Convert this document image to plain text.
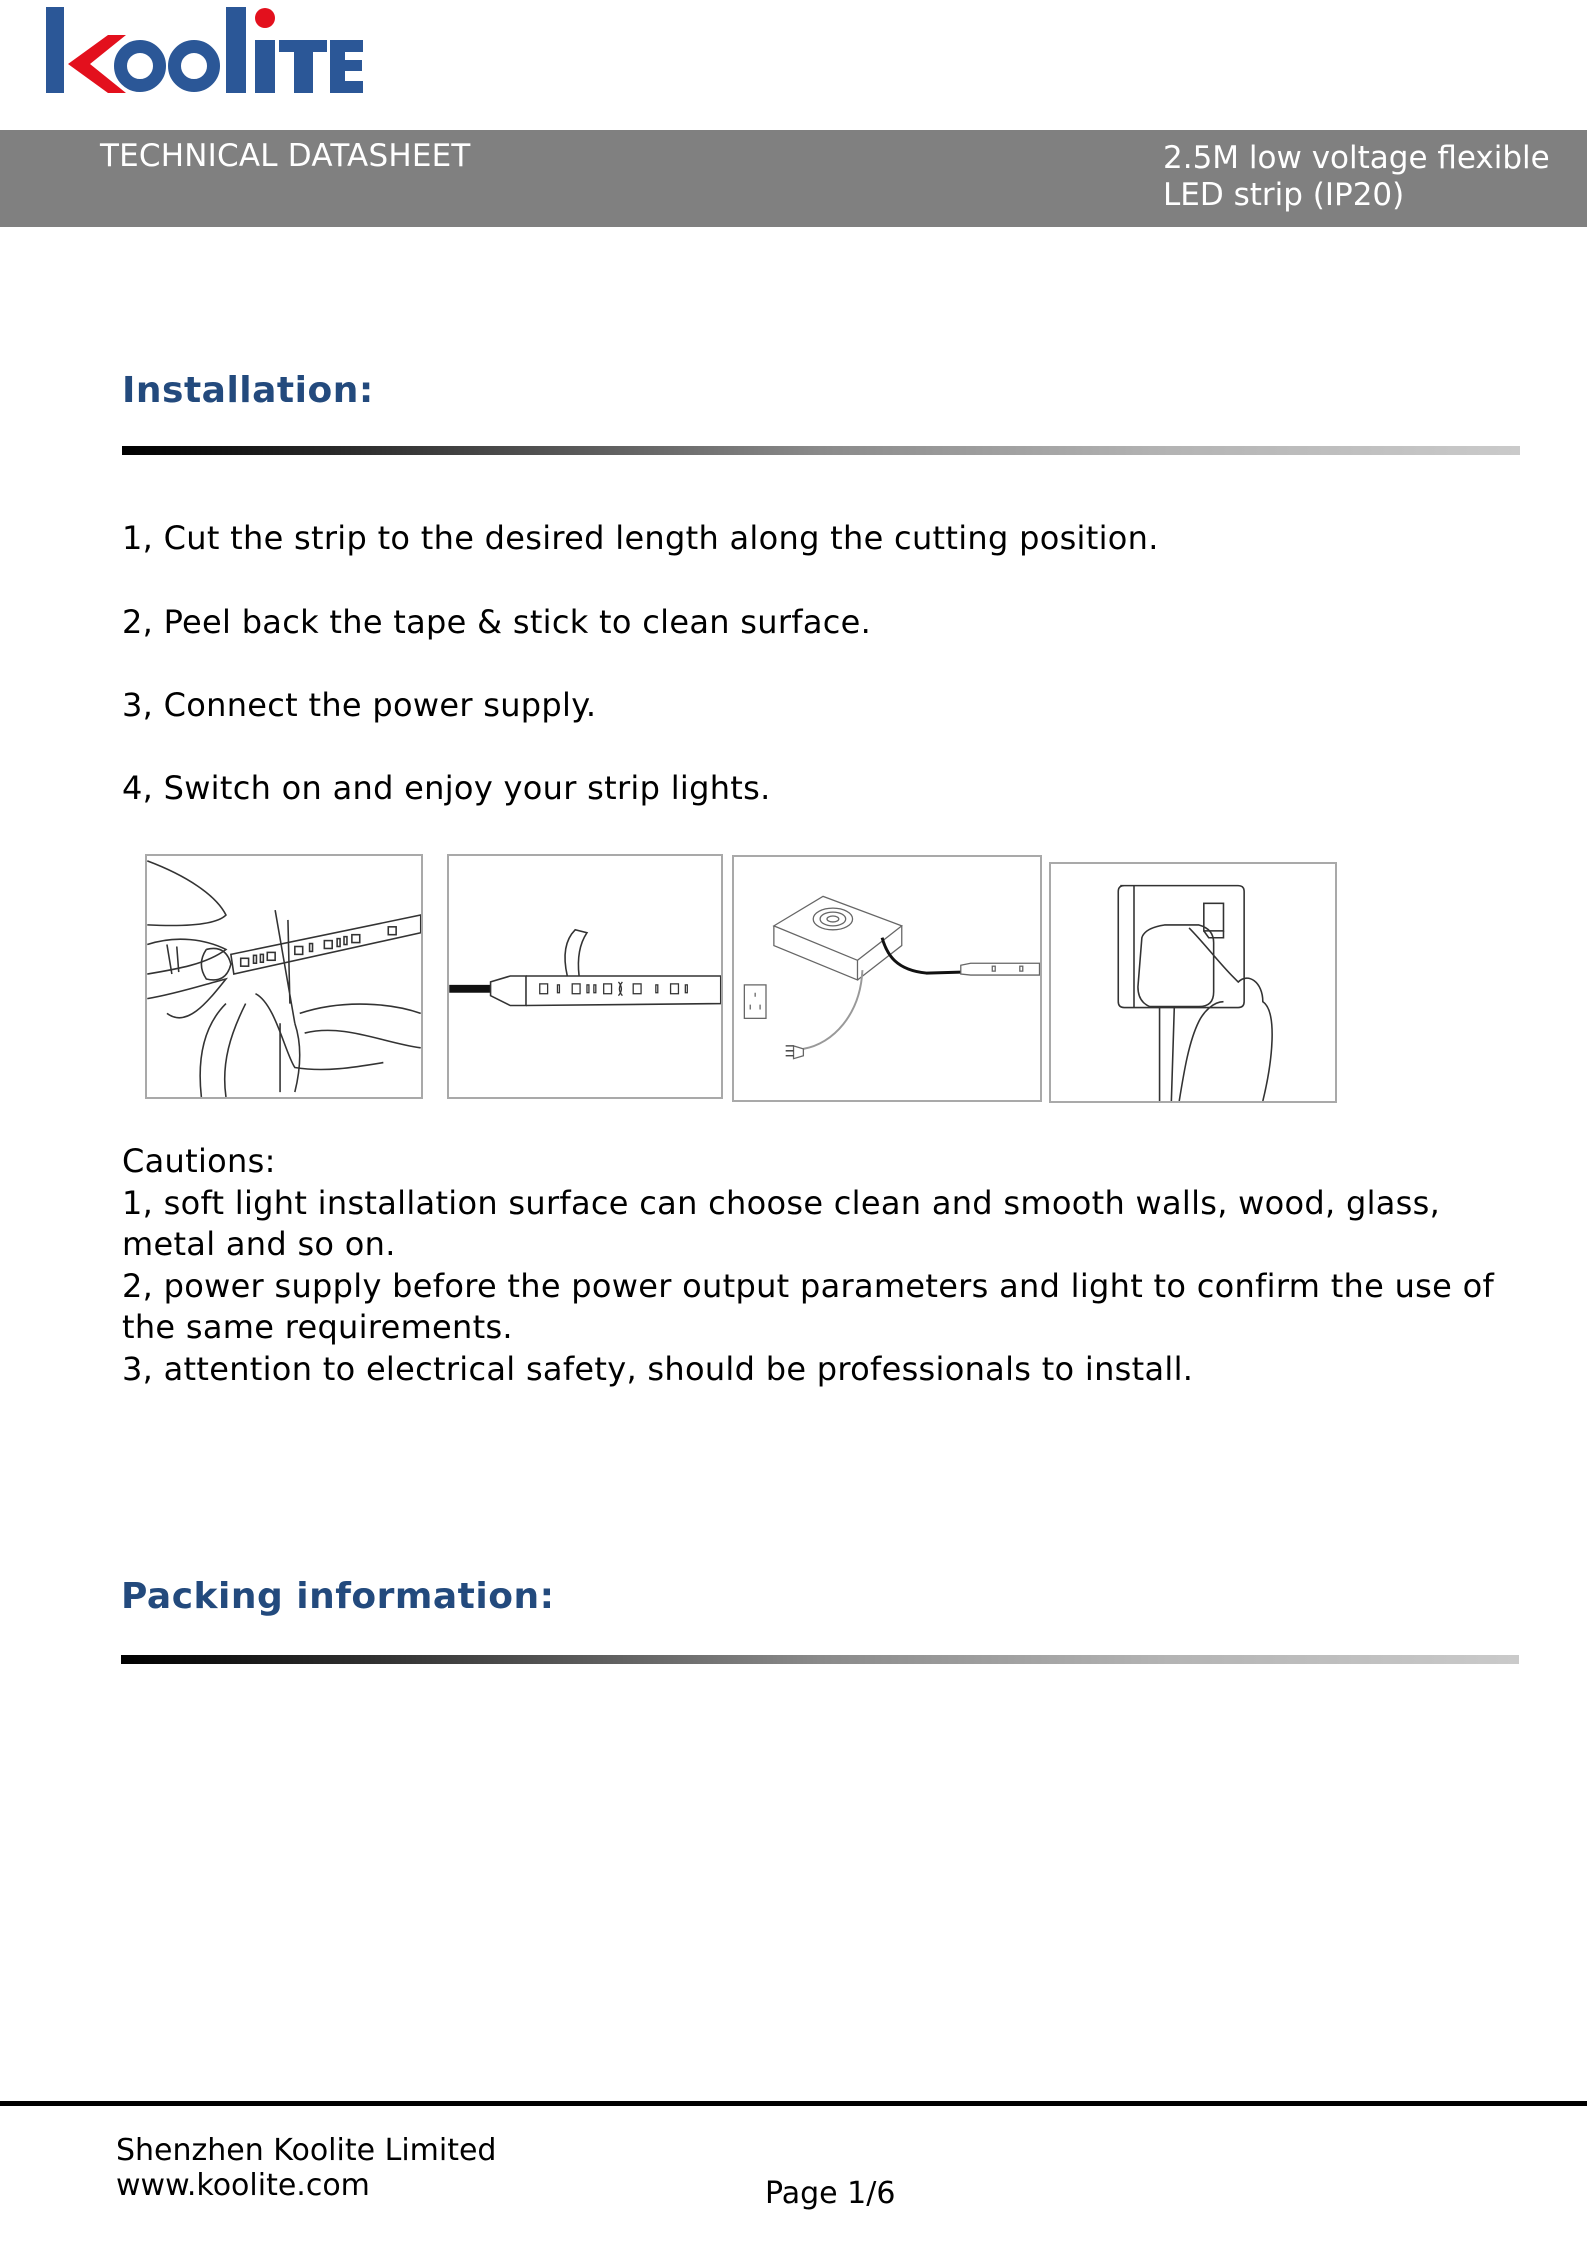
TECHNICAL DATASHEET	2.5M low voltage flexible
LED strip (IP20)
Installation:
1, Cut the strip to the desired length along the cutting position.
2, Peel back the tape & stick to clean surface.
3, Connect the power supply.
4, Switch on and enjoy your strip lights.
Cautions:
1, soft light installation surface can choose clean and smooth walls, wood, glass,
metal and so on.
2, power supply before the power output parameters and light to confirm the use of
the same requirements.
3, attention to electrical safety, should be professionals to install.
Packing information:
Shenzhen Koolite Limited
www.koolite.com	Page 1/6
